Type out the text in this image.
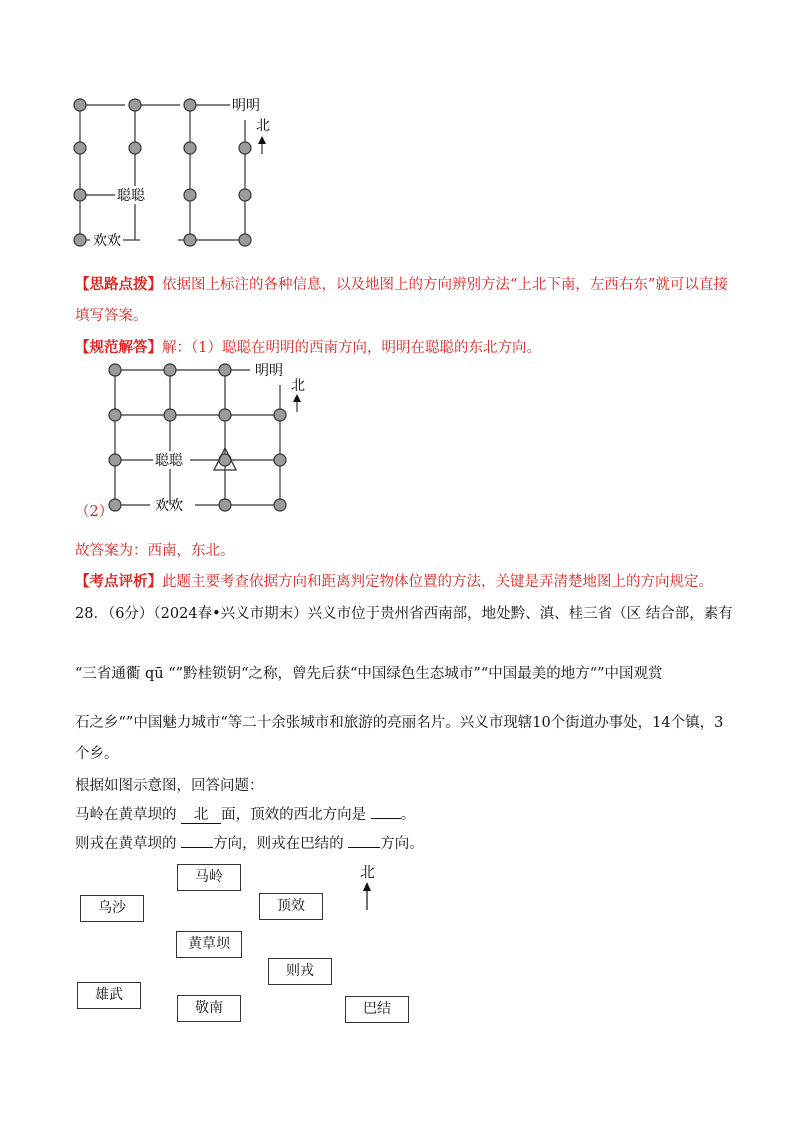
聪聪
明明
欢欢
北
【思路点拨】依据图上标注的各种信息，以及地图上的方向辨别方法“上北下南，左西右东”就可以直接
填写答案。
【规范解答】解：（1）聪聪在明明的西南方向，明明在聪聪的东北方向。
聪聪
明明
欢欢
北
（2）
故答案为：西南，东北。
【考点评析】此题主要考查依据方向和距离判定物体位置的方法，关键是弄清楚地图上的方向规定。
28．（6分）（2024春•兴义市期末）兴义市位于贵州省西南部，地处黔、滇、桂三省（区 结合部，素有
“三省通衢 qū “”黔桂锁钥“之称，曾先后获“中国绿色生态城市”“中国最美的地方“”中国观赏
石之乡“”中国魅力城市“等二十余张城市和旅游的亮丽名片。兴义市现辖10个街道办事处，14个镇，3
个乡。
根据如图示意图，回答问题：
马岭在黄草坝的 北 面，顶效的西北方向是 。
则戎在黄草坝的 方向，则戎在巴结的 方向。
马岭
乌沙	顶效
黄草坝
则戎
雄武
敬南	巴结
北
